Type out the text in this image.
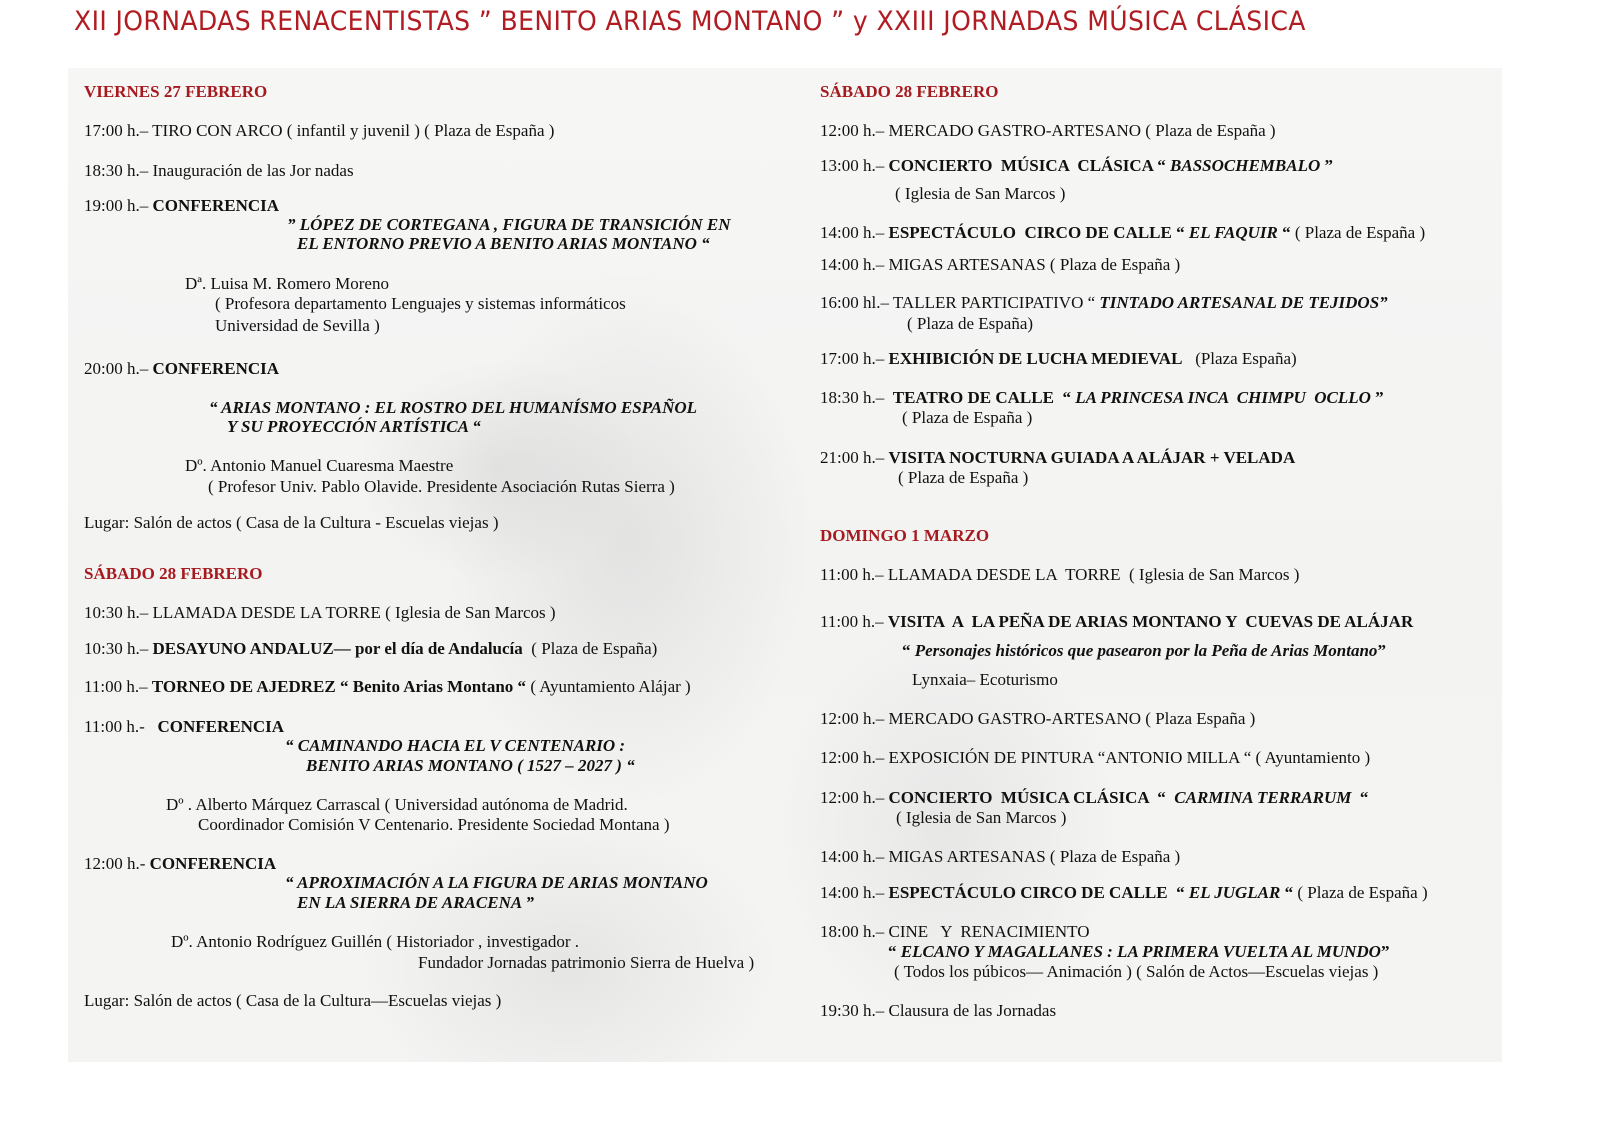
XII JORNADAS RENACENTISTAS ” BENITO ARIAS MONTANO ” y XXIII JORNADAS MÚSICA CLÁSICA
VIERNES 27 FEBRERO
17:00 h.– TIRO CON ARCO ( infantil y juvenil ) ( Plaza de España )
18:30 h.– Inauguración de las Jor nadas
19:00 h.– CONFERENCIA
” LÓPEZ DE CORTEGANA , FIGURA DE TRANSICIÓN EN
EL ENTORNO PREVIO A BENITO ARIAS MONTANO “
Dª. Luisa M. Romero Moreno
( Profesora departamento Lenguajes y sistemas informáticos
Universidad de Sevilla )
20:00 h.– CONFERENCIA
“ ARIAS MONTANO : EL ROSTRO DEL HUMANÍSMO ESPAÑOL
Y SU PROYECCIÓN ARTÍSTICA “
Dº. Antonio Manuel Cuaresma Maestre
( Profesor Univ. Pablo Olavide. Presidente Asociación Rutas Sierra )
Lugar: Salón de actos ( Casa de la Cultura - Escuelas viejas )
SÁBADO 28 FEBRERO
10:30 h.– LLAMADA DESDE LA TORRE ( Iglesia de San Marcos )
10:30 h.– DESAYUNO ANDALUZ— por el día de Andalucía  ( Plaza de España)
11:00 h.– TORNEO DE AJEDREZ “ Benito Arias Montano “ ( Ayuntamiento Alájar )
11:00 h.-   CONFERENCIA
“ CAMINANDO HACIA EL V CENTENARIO :
BENITO ARIAS MONTANO ( 1527 – 2027 ) “
Dº . Alberto Márquez Carrascal ( Universidad autónoma de Madrid.
Coordinador Comisión V Centenario. Presidente Sociedad Montana )
12:00 h.- CONFERENCIA
“ APROXIMACIÓN A LA FIGURA DE ARIAS MONTANO
EN LA SIERRA DE ARACENA ”
Dº. Antonio Rodríguez Guillén ( Historiador , investigador .
Fundador Jornadas patrimonio Sierra de Huelva )
Lugar: Salón de actos ( Casa de la Cultura—Escuelas viejas )
SÁBADO 28 FEBRERO
12:00 h.– MERCADO GASTRO-ARTESANO ( Plaza de España )
13:00 h.– CONCIERTO  MÚSICA  CLÁSICA “ BASSOCHEMBALO ”
( Iglesia de San Marcos )
14:00 h.– ESPECTÁCULO  CIRCO DE CALLE “ EL FAQUIR “ ( Plaza de España )
14:00 h.– MIGAS ARTESANAS ( Plaza de España )
16:00 hl.– TALLER PARTICIPATIVO “ TINTADO ARTESANAL DE TEJIDOS”
( Plaza de España)
17:00 h.– EXHIBICIÓN DE LUCHA MEDIEVAL   (Plaza España)
18:30 h.–  TEATRO DE CALLE  “ LA PRINCESA INCA  CHIMPU  OCLLO ”
( Plaza de España )
21:00 h.– VISITA NOCTURNA GUIADA A ALÁJAR + VELADA
( Plaza de España )
DOMINGO 1 MARZO
11:00 h.– LLAMADA DESDE LA  TORRE  ( Iglesia de San Marcos )
11:00 h.– VISITA  A  LA PEÑA DE ARIAS MONTANO Y  CUEVAS DE ALÁJAR
“ Personajes históricos que pasearon por la Peña de Arias Montano”
Lynxaia– Ecoturismo
12:00 h.– MERCADO GASTRO-ARTESANO ( Plaza España )
12:00 h.– EXPOSICIÓN DE PINTURA “ANTONIO MILLA “ ( Ayuntamiento )
12:00 h.– CONCIERTO  MÚSICA CLÁSICA  “  CARMINA TERRARUM  “
( Iglesia de San Marcos )
14:00 h.– MIGAS ARTESANAS ( Plaza de España )
14:00 h.– ESPECTÁCULO CIRCO DE CALLE  “ EL JUGLAR “ ( Plaza de España )
18:00 h.– CINE   Y  RENACIMIENTO
“ ELCANO Y MAGALLANES : LA PRIMERA VUELTA AL MUNDO”
( Todos los púbicos— Animación ) ( Salón de Actos—Escuelas viejas )
19:30 h.– Clausura de las Jornadas
